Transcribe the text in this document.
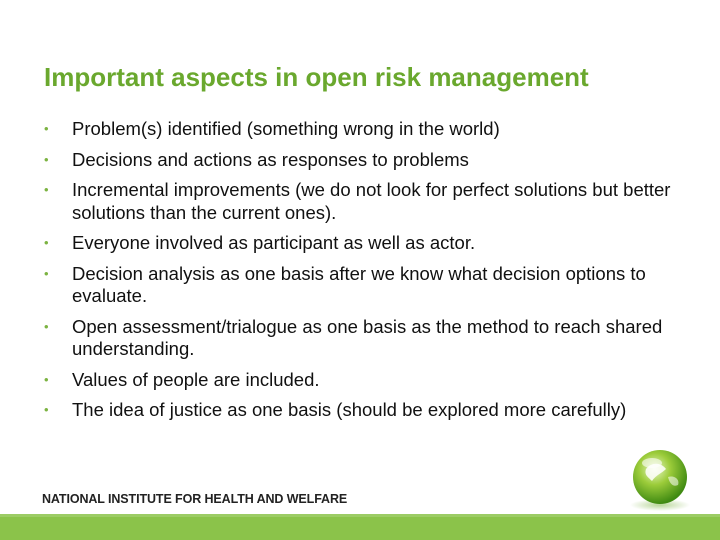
Important aspects in open risk management
• Problem(s) identified (something wrong in the world)
• Decisions and actions as responses to problems
• Incremental improvements (we do not look for perfect solutions but better solutions than the current ones).
• Everyone involved as participant as well as actor.
• Decision analysis as one basis after we know what decision options to evaluate.
• Open assessment/trialogue as one basis as the method to reach shared understanding.
• Values of people are included.
• The idea of justice as one basis (should be explored more carefully)
NATIONAL INSTITUTE FOR HEALTH AND WELFARE
